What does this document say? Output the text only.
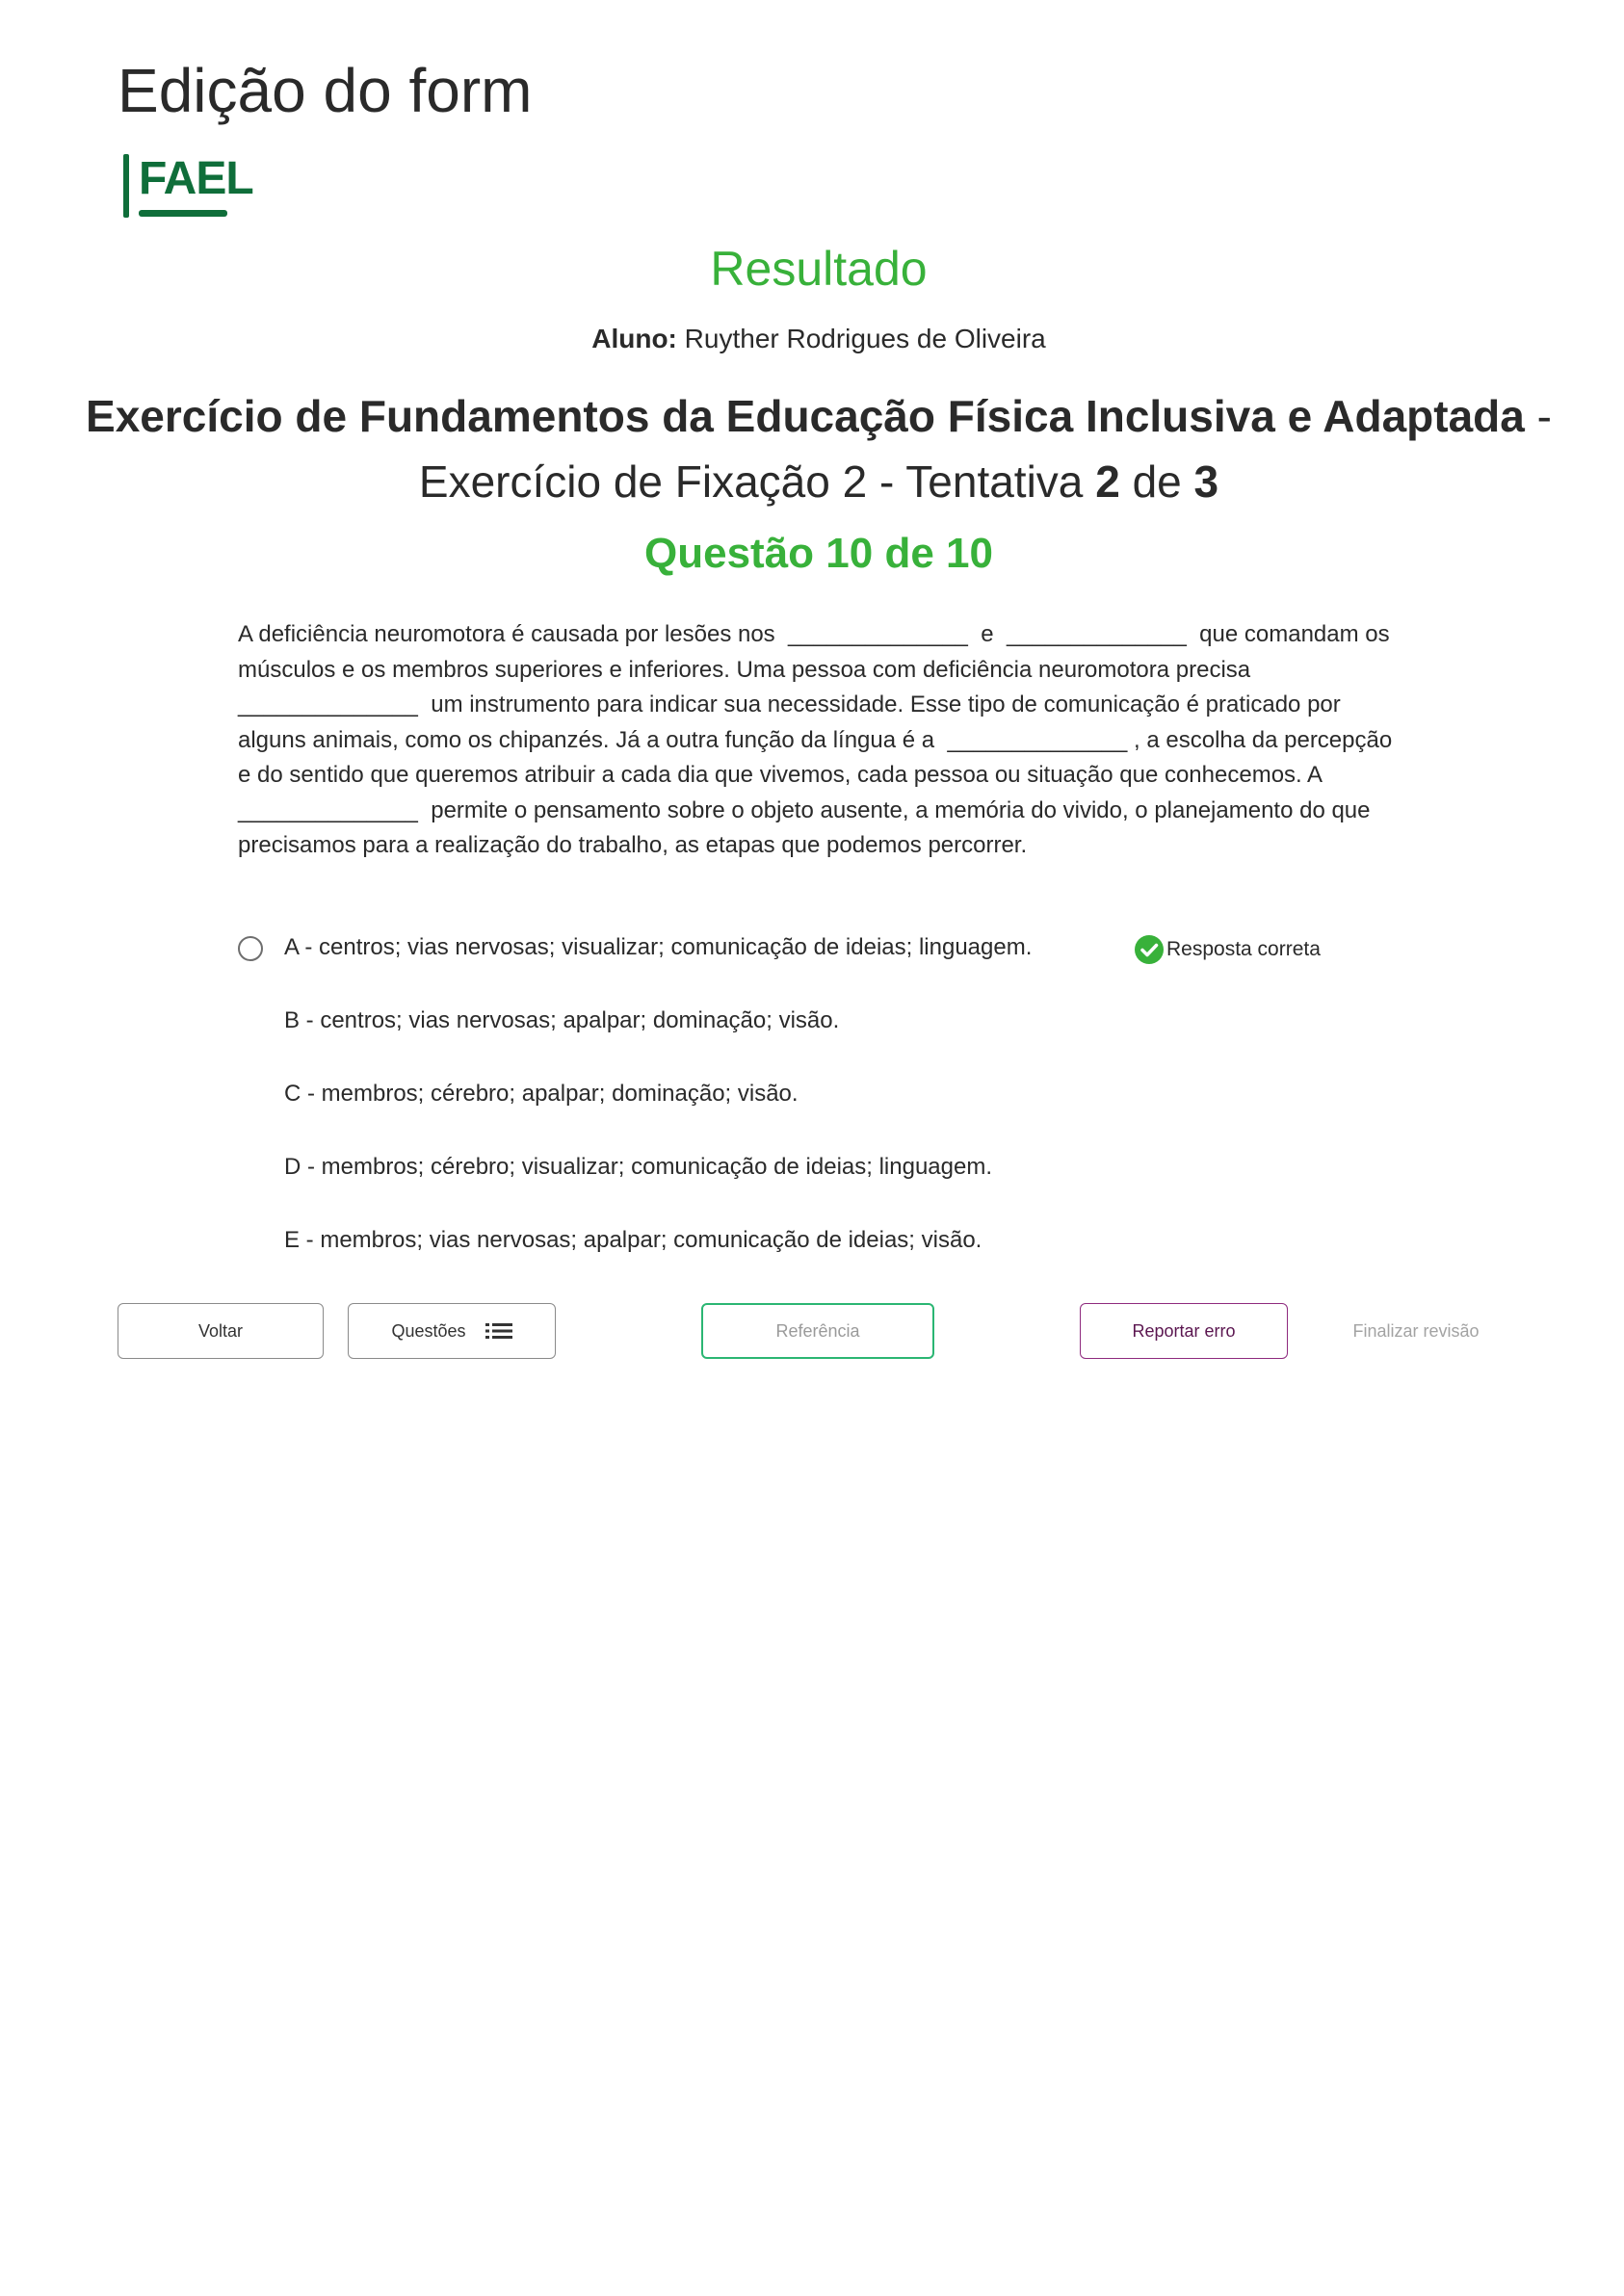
Edição do form
FAEL
Resultado
Aluno: Ruyther Rodrigues de Oliveira
Exercício de Fundamentos da Educação Física Inclusiva e Adaptada - Exercício de Fixação 2 - Tentativa 2 de 3
Questão 10 de 10

A deficiência neuromotora é causada por lesões nos ______________ e ______________ que comandam os músculos e os membros superiores e inferiores. Uma pessoa com deficiência neuromotora precisa ______________ um instrumento para indicar sua necessidade. Esse tipo de comunicação é praticado por alguns animais, como os chipanzés. Já a outra função da língua é a ______________ , a escolha da percepção e do sentido que queremos atribuir a cada dia que vivemos, cada pessoa ou situação que conhecemos. A ______________ permite o pensamento sobre o objeto ausente, a memória do vivido, o planejamento do que precisamos para a realização do trabalho, as etapas que podemos percorrer.

A - centros; vias nervosas; visualizar; comunicação de ideias; linguagem.	Resposta correta
B - centros; vias nervosas; apalpar; dominação; visão.
C - membros; cérebro; apalpar; dominação; visão.
D - membros; cérebro; visualizar; comunicação de ideias; linguagem.
E - membros; vias nervosas; apalpar; comunicação de ideias; visão.
Voltar	Questões	Referência	Reportar erro	Finalizar revisão
